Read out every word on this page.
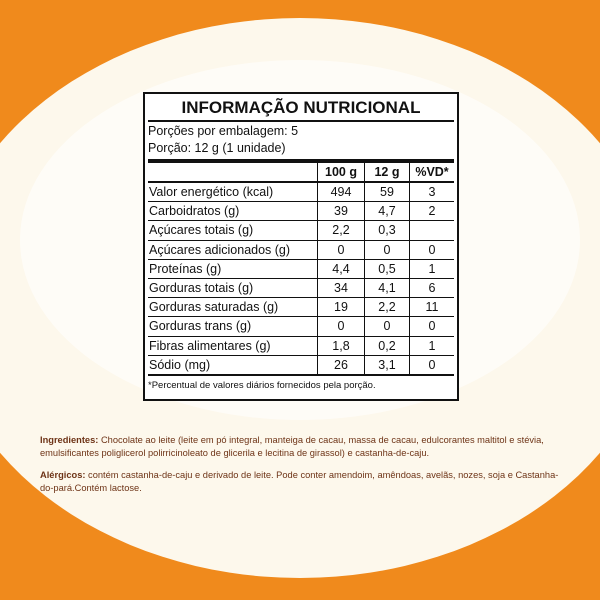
INFORMAÇÃO NUTRICIONAL
Porções por embalagem: 5
Porção: 12 g (1 unidade)
	100 g	12 g	%VD*
Valor energético (kcal)	494	59	3
Carboidratos (g)	39	4,7	2
Açúcares totais (g)	2,2	0,3	
Açúcares adicionados (g)	0	0	0
Proteínas (g)	4,4	0,5	1
Gorduras totais (g)	34	4,1	6
Gorduras saturadas (g)	19	2,2	11
Gorduras trans (g)	0	0	0
Fibras alimentares (g)	1,8	0,2	1
Sódio (mg)	26	3,1	0
*Percentual de valores diários fornecidos pela porção.

Ingredientes: Chocolate ao leite (leite em pó integral, manteiga de cacau, massa de cacau, edulcorantes maltitol e stévia, emulsificantes poliglicerol polirricinoleato de glicerila e lecitina de girassol) e castanha-de-caju.

Alérgicos: contém castanha-de-caju e derivado de leite. Pode conter amendoim, amêndoas, avelãs, nozes, soja e Castanha-do-pará.Contém lactose.
